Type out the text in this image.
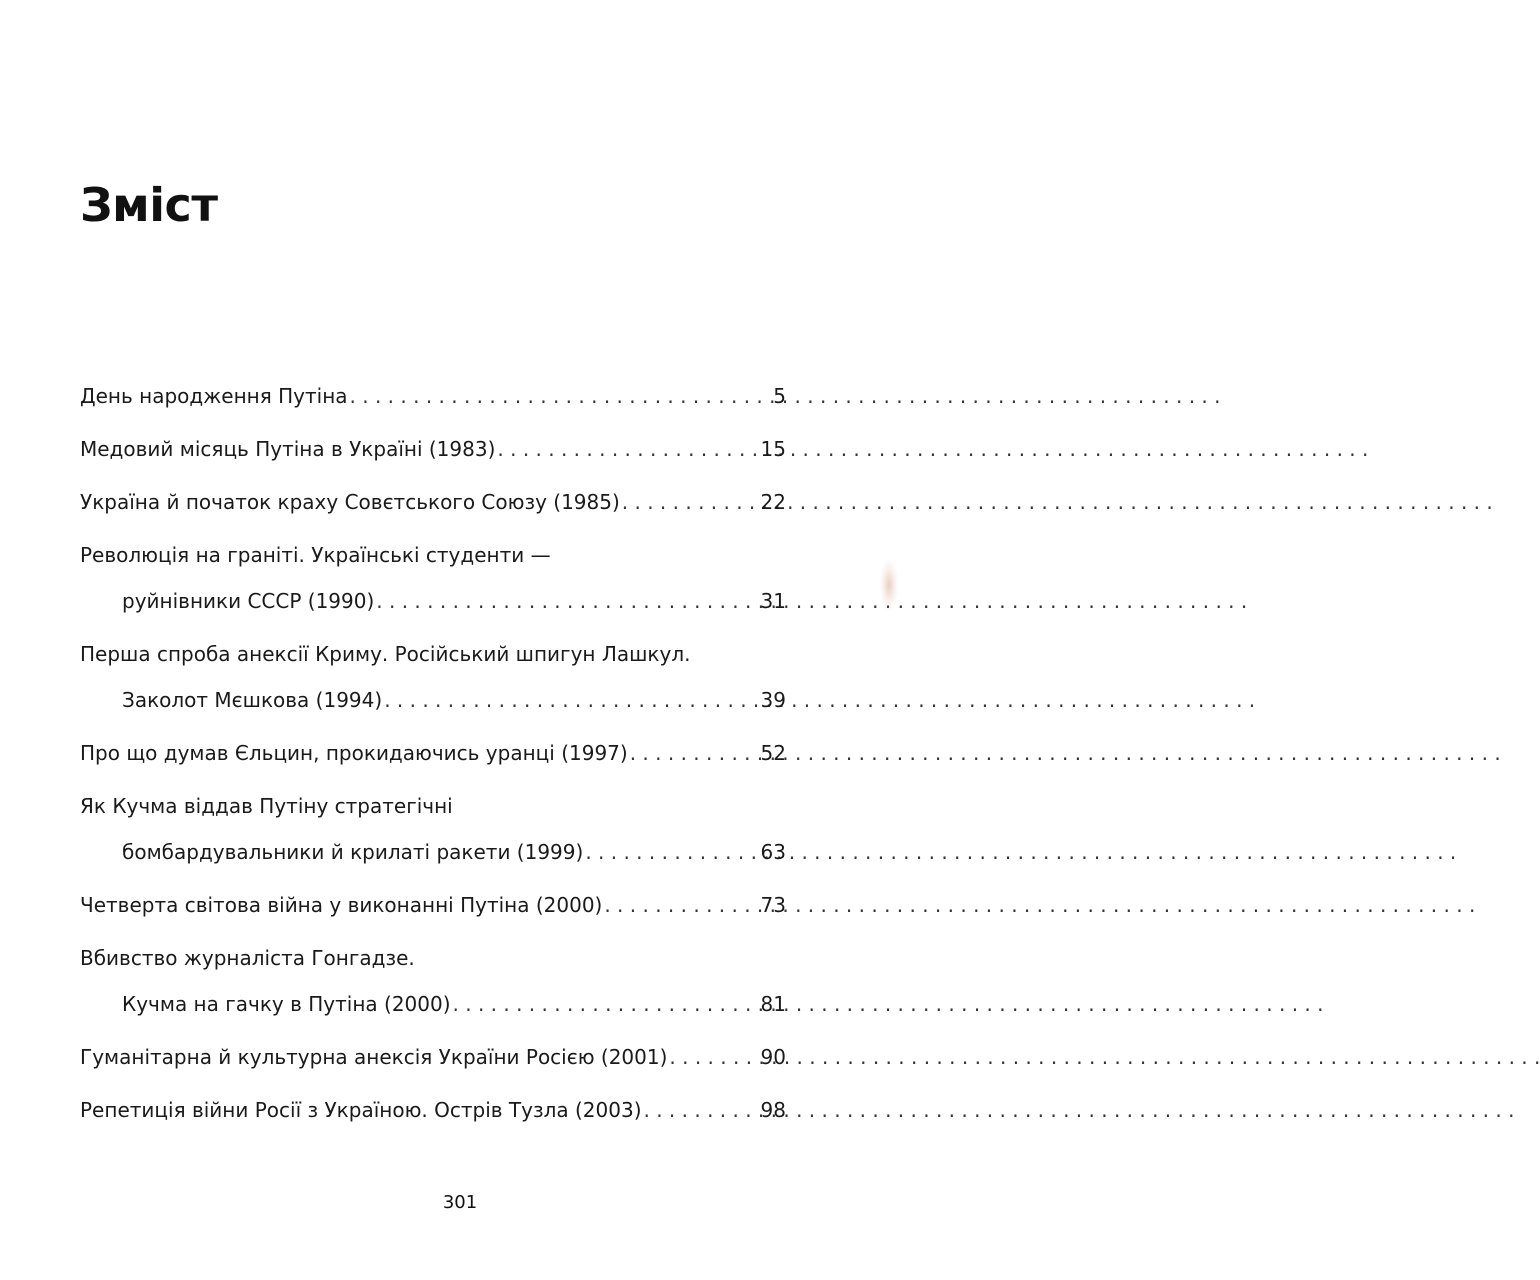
Зміст
День народження Путіна . . .	5
Медовий місяць Путіна в Україні (1983) . . .	15
Україна й початок краху Совєтського Союзу (1985) . . .	22
Революція на граніті. Українські студенти —
руйнівники СССР (1990) . . .	31
Перша спроба анексії Криму. Російський шпигун Лашкул.
Заколот Мєшкова (1994) . . .	39
Про що думав Єльцин, прокидаючись уранці (1997) . . .	52
Як Кучма віддав Путіну стратегічні
бомбардувальники й крилаті ракети (1999) . . .	63
Четверта світова війна у виконанні Путіна (2000) . . .	73
Вбивство журналіста Гонгадзе.
Кучма на гачку в Путіна (2000) . . .	81
Гуманітарна й культурна анексія України Росією (2001) . . .	90
Репетиція війни Росії з Україною. Острів Тузла (2003) . . .	98
301
